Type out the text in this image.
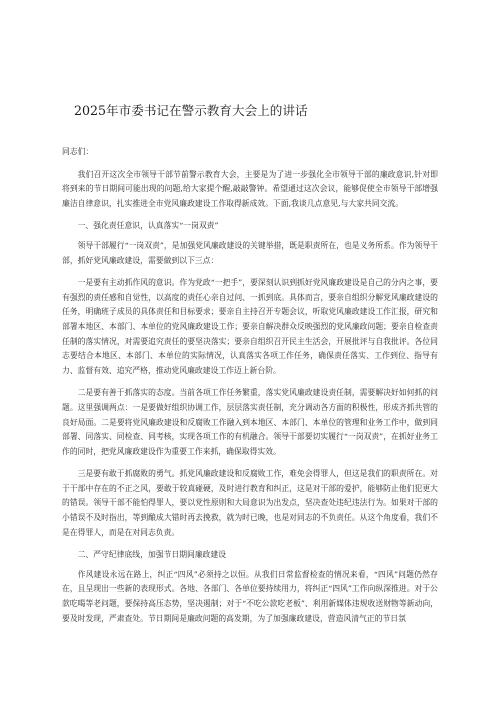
2025年市委书记在警示教育大会上的讲话

同志们：

我们召开这次全市领导干部节前警示教育大会，主要是为了进一步强化全市领导干部的廉政意识,针对即将到来的节日期间可能出现的问题,给大家提个醒,敲敲警钟。希望通过这次会议，能够促使全市领导干部增强廉洁自律意识，扎实推进全市党风廉政建设工作取得新成效。下面,我谈几点意见,与大家共同交流。

一、强化责任意识，认真落实“一岗双责”

领导干部履行“一岗双责”，是加强党风廉政建设的关键举措，既是职责所在，也是义务所系。作为领导干部，抓好党风廉政建设，需要做到以下三点：

一是要有主动抓作风的意识。作为党政“一把手”，要深刻认识到抓好党风廉政建设是自己的分内之事，要有强烈的责任感和自觉性，以高度的责任心亲自过问、一抓到底。具体而言，要亲自组织分解党风廉政建设的任务，明确班子成员的具体责任和目标要求；要亲自主持召开专题会议，听取党风廉政建设工作汇报，研究和部署本地区、本部门、本单位的党风廉政建设工作；要亲自解决群众反映强烈的党风廉政问题；要亲自检查责任制的落实情况，对需要追究责任的要坚决落实；要亲自组织召开民主生活会，开展批评与自我批评。各位同志要结合本地区、本部门、本单位的实际情况，认真落实各项工作任务，确保责任落实、工作到位、指导有力、监督有效、追究严格，推动党风廉政建设工作迈上新台阶。

二是要有善于抓落实的态度。当前各项工作任务繁重，落实党风廉政建设责任制，需要解决好如何抓的问题。这里强调两点：一是要做好组织协调工作，层层落实责任制，充分调动各方面的积极性，形成齐抓共管的良好局面。二是要将党风廉政建设和反腐败工作融入到本地区、本部门、本单位的管理和业务工作中，做到同部署、同落实、同检查、同考核，实现各项工作的有机融合。领导干部要切实履行“一岗双责”，在抓好业务工作的同时，把党风廉政建设作为重要工作来抓，确保取得实效。

三是要有敢于抓腐败的勇气。抓党风廉政建设和反腐败工作，难免会得罪人，但这是我们的职责所在。对于干部中存在的不正之风，要敢于较真碰硬，及时进行教育和纠正，这是对干部的爱护，能够防止他们犯更大的错误。领导干部不能怕得罪人，要以党性原则和大局意识为出发点，坚决查处违纪违法行为。如果对干部的小错误不及时指出，等到酿成大错时再去挽救，就为时已晚，也是对同志的不负责任。从这个角度看，我们不是在得罪人，而是在对同志负责。

二、严守纪律底线，加强节日期间廉政建设

作风建设永远在路上，纠正“四风”必须持之以恒。从我们日常监督检查的情况来看，“四风”问题仍然存在，且呈现出一些新的表现形式。各地、各部门、各单位要持续用力，将纠正“四风”工作向纵深推进。对于公款吃喝等老问题，要保持高压态势，坚决遏制；对于“不吃公款吃老板”、利用新媒体违规收送财物等新动向，要及时发现，严肃查处。节日期间是廉政问题的高发期，为了加强廉政建设，营造风清气正的节日氛
